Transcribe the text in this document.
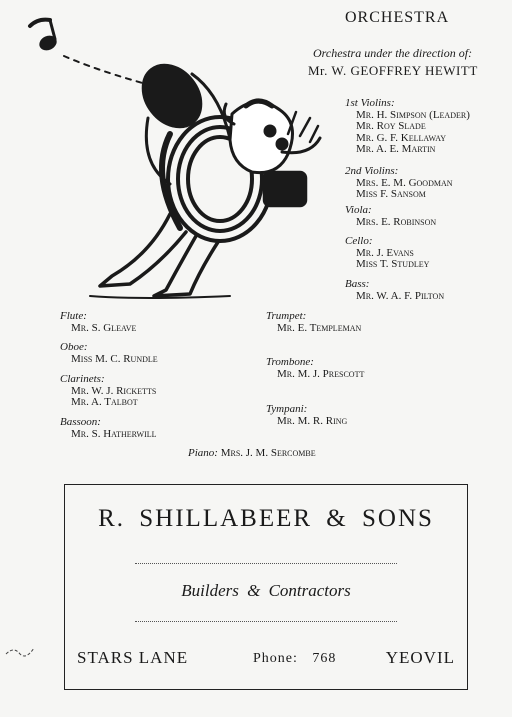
ORCHESTRA
Orchestra under the direction of:
Mr. W. GEOFFREY HEWITT
1st Violins:
Mr. H. Simpson (Leader)
Mr. Roy Slade
Mr. G. F. Kellaway
Mr. A. E. Martin
2nd Violins:
Mrs. E. M. Goodman
Miss F. Sansom
Viola:
Mrs. E. Robinson
Cello:
Mr. J. Evans
Miss T. Studley
Bass:
Mr. W. A. F. Pilton
Flute:
Mr. S. Gleave
Oboe:
Miss M. C. Rundle
Clarinets:
Mr. W. J. Ricketts
Mr. A. Talbot
Bassoon:
Mr. S. Hatherwill
Trumpet:
Mr. E. Templeman
Trombone:
Mr. M. J. Prescott
Tympani:
Mr. M. R. Ring
Piano: Mrs. J. M. Sercombe
R. SHILLABEER & SONS
Builders & Contractors
STARS LANE	Phone: 768	YEOVIL
